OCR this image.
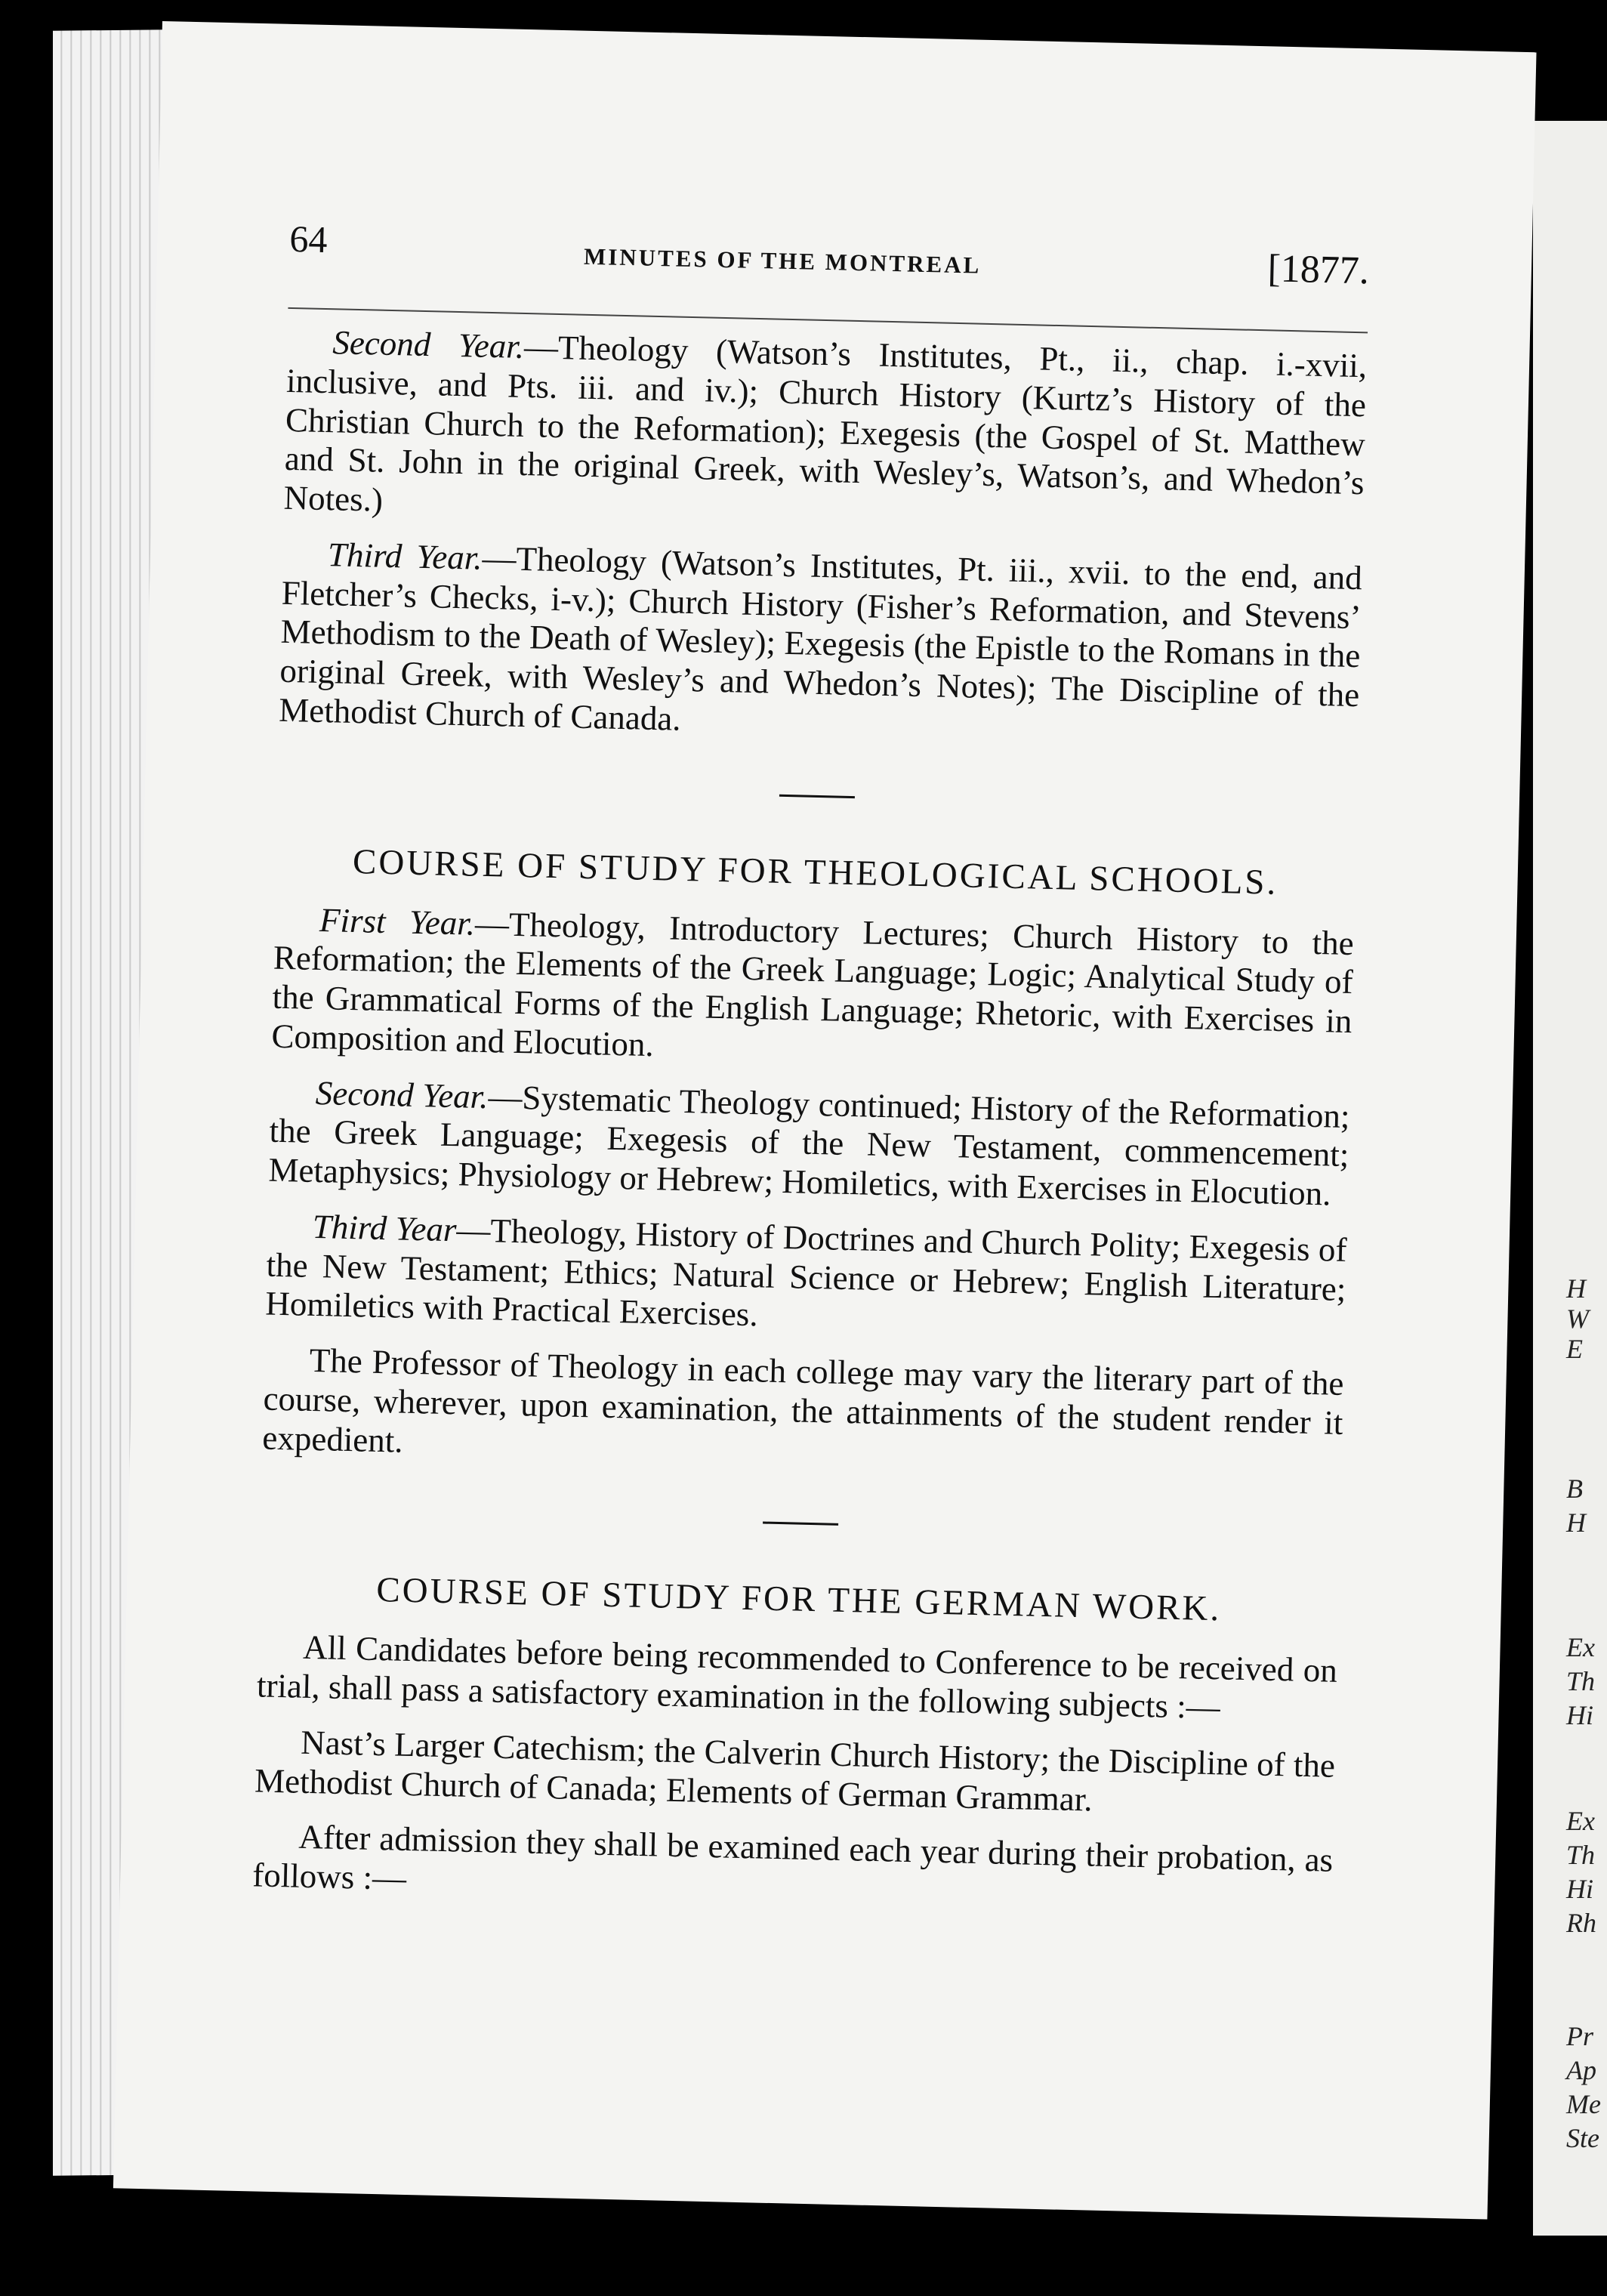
H
W
E
B
H
Ex
Th
Hi
Ex
Th
Hi
Rh
Pr
Ap
Me
Ste
64
MINUTES OF THE MONTREAL	[1877.

Second Year.—Theology (Watson’s Institutes, Pt., ii., chap. i.-xvii, inclusive, and Pts. iii. and iv.); Church History (Kurtz’s History of the Christian Church to the Reformation); Exegesis (the Gospel of St. Matthew and St. John in the original Greek, with Wesley’s, Watson’s, and Whedon’s Notes.)

Third Year.—Theology (Watson’s Institutes, Pt. iii., xvii. to the end, and Fletcher’s Checks, i-v.); Church History (Fisher’s Reformation, and Stevens’ Methodism to the Death of Wesley); Exegesis (the Epistle to the Romans in the original Greek, with Wesley’s and Whedon’s Notes); The Discipline of the Methodist Church of Canada.

COURSE OF STUDY FOR THEOLOGICAL SCHOOLS.

First Year.—Theology, Introductory Lectures; Church History to the Reformation; the Elements of the Greek Language; Logic; Analytical Study of the Grammatical Forms of the English Language; Rhetoric, with Exercises in Composition and Elocution.

Second Year.—Systematic Theology continued; History of the Reformation; the Greek Language; Exegesis of the New Testament, commencement; Metaphysics; Physiology or Hebrew; Homiletics, with Exercises in Elocution.

Third Year—Theology, History of Doctrines and Church Polity; Exegesis of the New Testament; Ethics; Natural Science or Hebrew; English Literature; Homiletics with Practical Exercises.

The Professor of Theology in each college may vary the literary part of the course, wherever, upon examination, the attainments of the student render it expedient.

COURSE OF STUDY FOR THE GERMAN WORK.

All Candidates before being recommended to Conference to be received on trial, shall pass a satisfactory examination in the following subjects :—

Nast’s Larger Catechism; the Calverin Church History; the Discipline of the Methodist Church of Canada; Elements of German Grammar.

After admission they shall be examined each year during their probation, as follows :—
